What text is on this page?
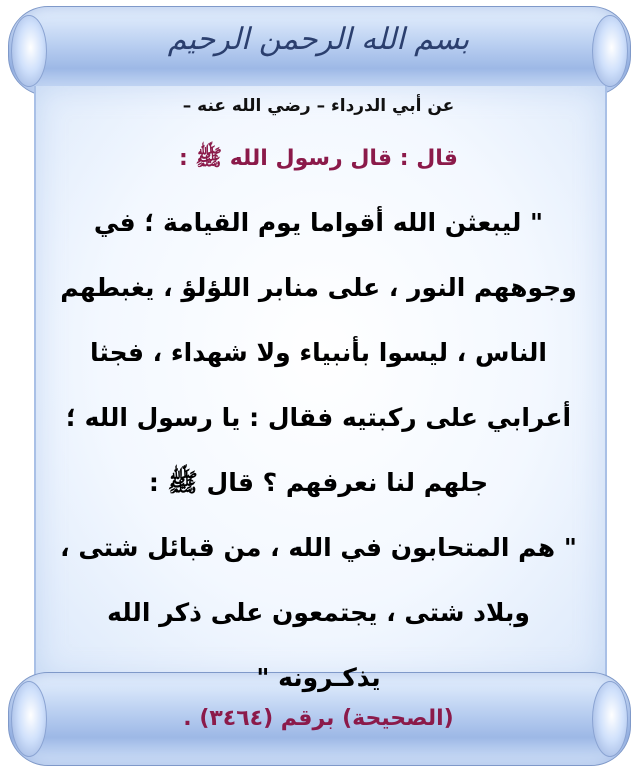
بسم الله الرحمن الرحيم
عن أبي الدرداء – رضي الله عنه –
قال : قال رسول الله ﷺ :
" ليبعثن الله أقواما يوم القيامة ؛ في
وجوههم النور ، على منابر اللؤلؤ ، يغبطهم
الناس ، ليسوا بأنبياء ولا شهداء ، فجثا
أعرابي على ركبتيه فقال : يا رسول الله ؛
جلهم لنا نعرفهم ؟ قال ﷺ :
" هم المتحابون في الله ، من قبائل شتى ،
وبلاد شتى ، يجتمعون على ذكر الله
يذكـرونه "
(الصحيحة) برقم (٣٤٦٤) .
